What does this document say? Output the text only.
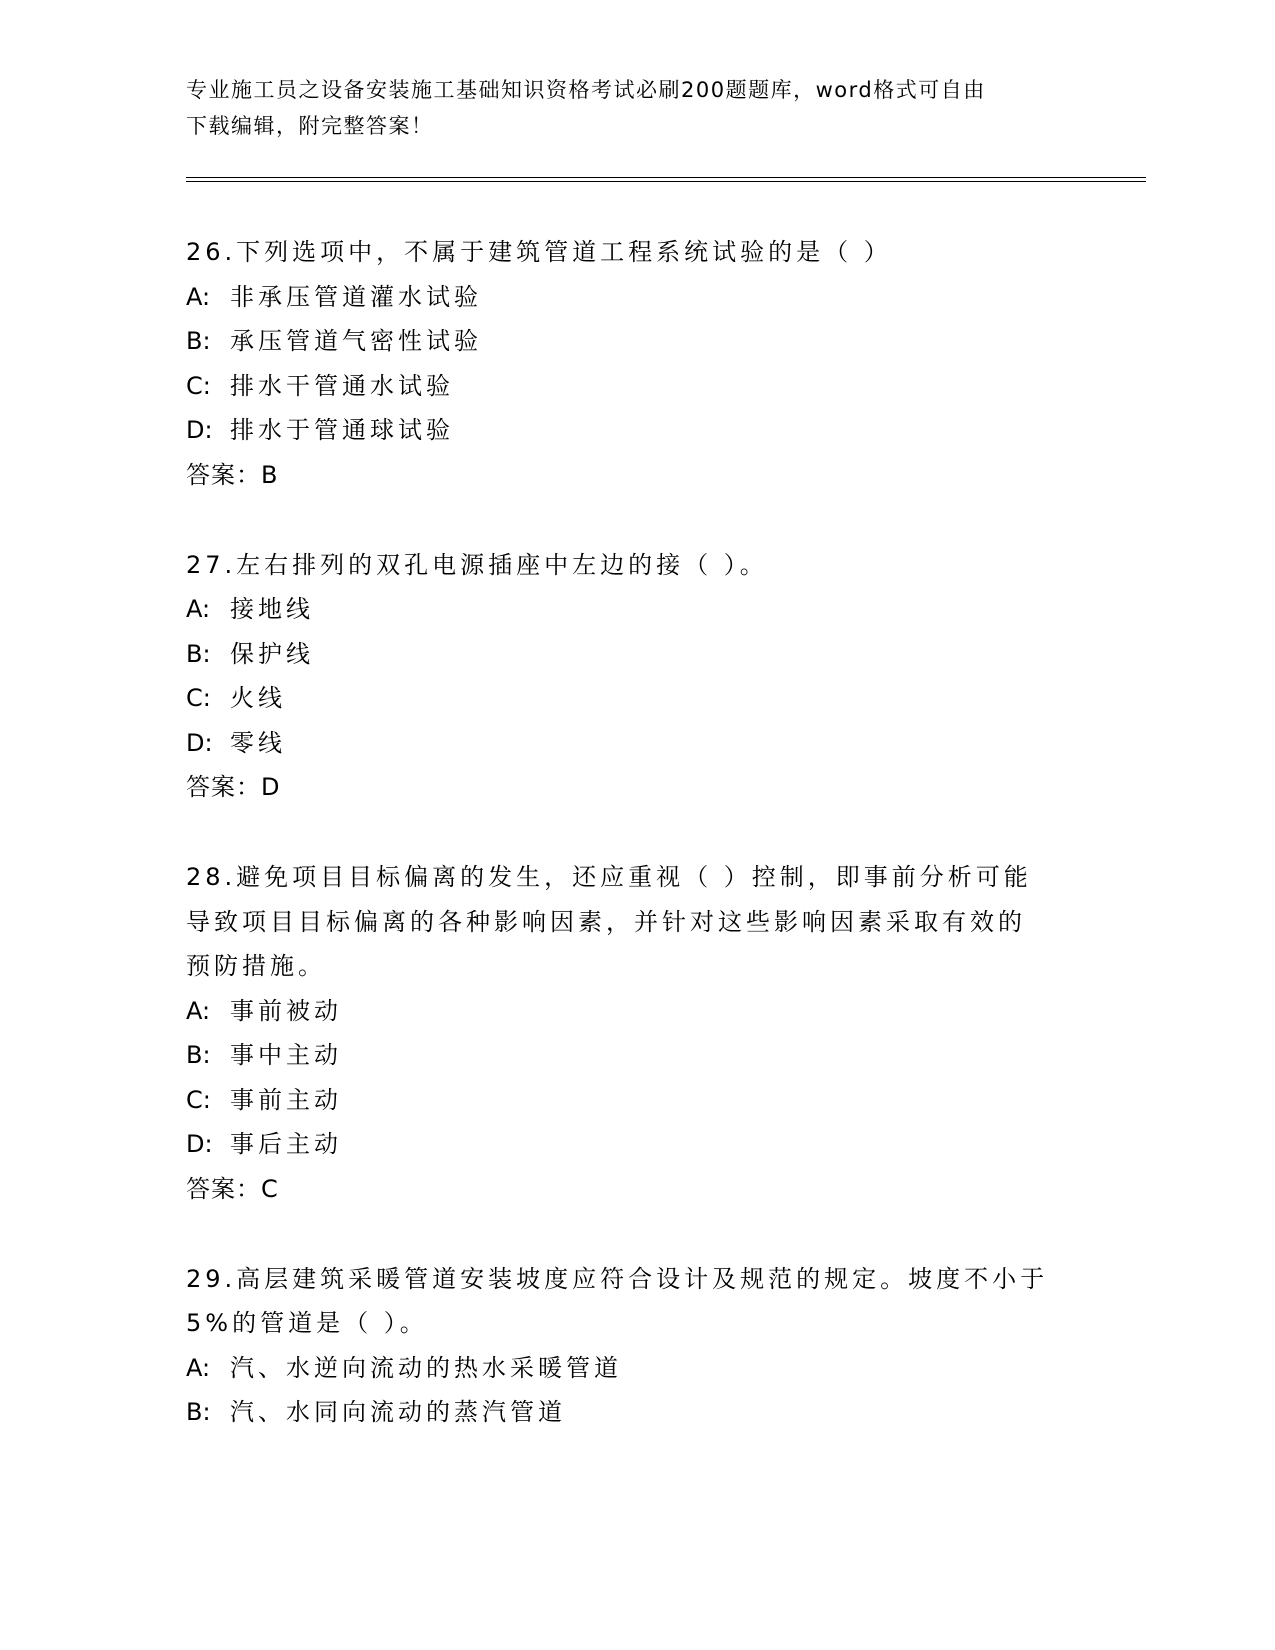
专业施工员之设备安装施工基础知识资格考试必刷200题题库，word格式可自由
下载编辑，附完整答案！
26.下列选项中，不属于建筑管道工程系统试验的是（ ）
A: 非承压管道灌水试验
B: 承压管道气密性试验
C: 排水干管通水试验
D: 排水于管通球试验
答案：B
27.左右排列的双孔电源插座中左边的接（ ）。
A: 接地线
B: 保护线
C: 火线
D: 零线
答案：D
28.避免项目目标偏离的发生，还应重视（ ）控制，即事前分析可能
导致项目目标偏离的各种影响因素，并针对这些影响因素采取有效的
预防措施。
A: 事前被动
B: 事中主动
C: 事前主动
D: 事后主动
答案：C
29.高层建筑采暖管道安装坡度应符合设计及规范的规定。坡度不小于
5%的管道是（ ）。
A: 汽、水逆向流动的热水采暖管道
B: 汽、水同向流动的蒸汽管道
